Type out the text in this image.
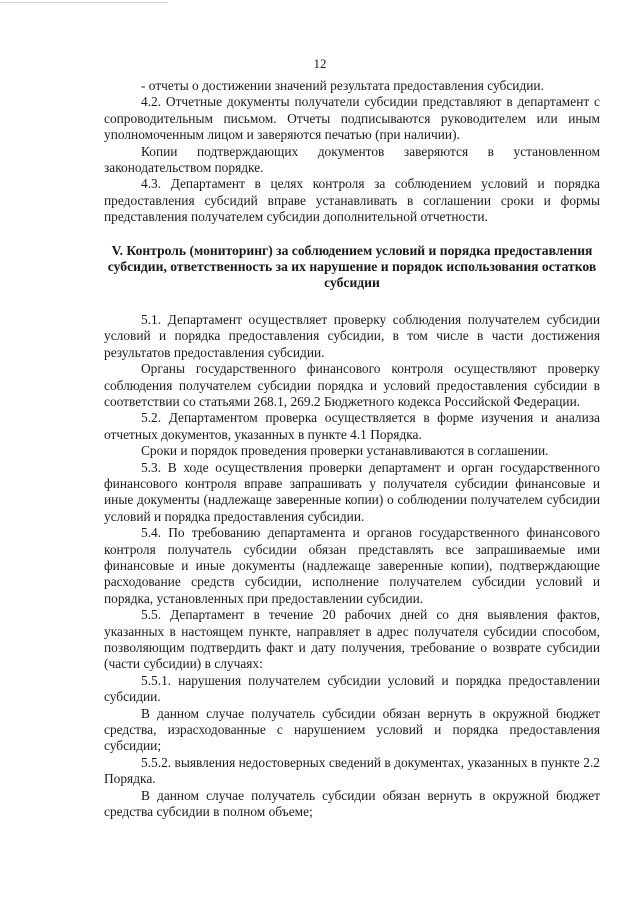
12

- отчеты о достижении значений результата предоставления субсидии.

4.2. Отчетные документы получатели субсидии представляют в департамент с сопроводительным письмом. Отчеты подписываются руководителем или иным уполномоченным лицом и заверяются печатью (при наличии).

Копии подтверждающих документов заверяются в установленном законодательством порядке.

4.3. Департамент в целях контроля за соблюдением условий и порядка предоставления субсидий вправе устанавливать в соглашении сроки и формы представления получателем субсидии дополнительной отчетности.

V. Контроль (мониторинг) за соблюдением условий и порядка предоставления субсидии, ответственность за их нарушение и порядок использования остатков субсидии

5.1. Департамент осуществляет проверку соблюдения получателем субсидии условий и порядка предоставления субсидии, в том числе в части достижения результатов предоставления субсидии.

Органы государственного финансового контроля осуществляют проверку соблюдения получателем субсидии порядка и условий предоставления субсидии в соответствии со статьями 268.1, 269.2 Бюджетного кодекса Российской Федерации.

5.2. Департаментом проверка осуществляется в форме изучения и анализа отчетных документов, указанных в пункте 4.1 Порядка.

Сроки и порядок проведения проверки устанавливаются в соглашении.

5.3. В ходе осуществления проверки департамент и орган государственного финансового контроля вправе запрашивать у получателя субсидии финансовые и иные документы (надлежаще заверенные копии) о соблюдении получателем субсидии условий и порядка предоставления субсидии.

5.4. По требованию департамента и органов государственного финансового контроля получатель субсидии обязан представлять все запрашиваемые ими финансовые и иные документы (надлежаще заверенные копии), подтверждающие расходование средств субсидии, исполнение получателем субсидии условий и порядка, установленных при предоставлении субсидии.

5.5. Департамент в течение 20 рабочих дней со дня выявления фактов, указанных в настоящем пункте, направляет в адрес получателя субсидии способом, позволяющим подтвердить факт и дату получения, требование о возврате субсидии (части субсидии) в случаях:

5.5.1. нарушения получателем субсидии условий и порядка предоставлении субсидии.

В данном случае получатель субсидии обязан вернуть в окружной бюджет средства, израсходованные с нарушением условий и порядка предоставления субсидии;

5.5.2. выявления недостоверных сведений в документах, указанных в пункте 2.2 Порядка.

В данном случае получатель субсидии обязан вернуть в окружной бюджет средства субсидии в полном объеме;
